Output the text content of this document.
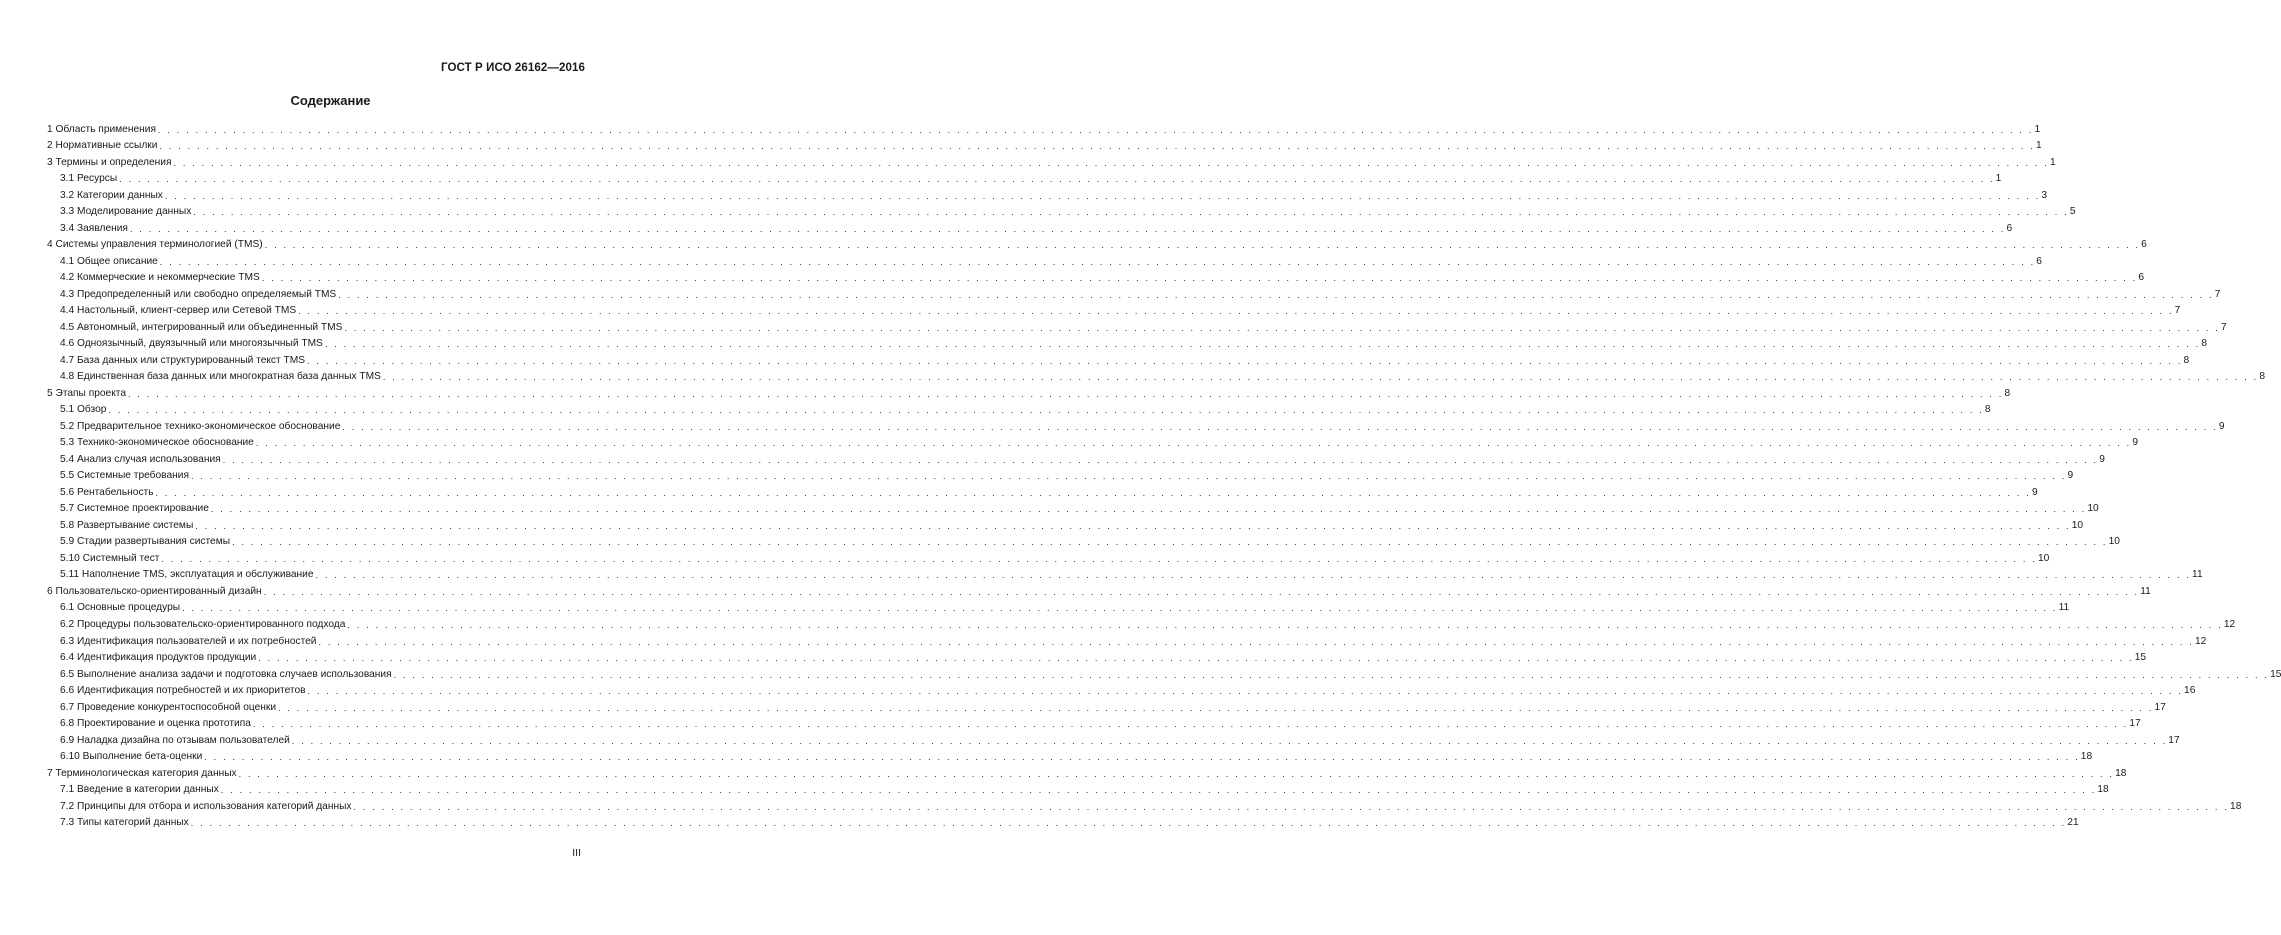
ГОСТ Р ИСО 26162—2016
Содержание
1 Область применения . . . . . . . . . . . . . . . . . . . . . . . . . . . . . . . . . . . . . . . . . . . . . . . . . . . . . . . . . . . . . . . . . . . . . . . . . . . . . . . . . . . . . . . . . . . . . . . . . . . . . . . . . . . . . . . . . . . . . . . . . . . . . . . . . . . . . . . . . . . . . . . . . . . . . . . . . . . . . . . . . . . . . . . . . . . . . . . . . . . . . . . . . . . . . . . . . . . . . . . . 1
2 Нормативные ссылки . . . . . . . . . . . . . . . . . . . . . . . . . . . . . . . . . . . . . . . . . . . . . . . . . . . . . . . . . . . . . . . . . . . . . . . . . . . . . . . . . . . . . . . . . . . . . . . . . . . . . . . . . . . . . . . . . . . . . . . . . . . . . . . . . . . . . . . . . . . . . . . . . . . . . . . . . . . . . . . . . . . . . . . . . . . . . . . . . . . . . . . . . . . . . . . . . . . . . . . . 1
3 Термины и определения . . . . . . . . . . . . . . . . . . . . . . . . . . . . . . . . . . . . . . . . . . . . . . . . . . . . . . . . . . . . . . . . . . . . . . . . . . . . . . . . . . . . . . . . . . . . . . . . . . . . . . . . . . . . . . . . . . . . . . . . . . . . . . . . . . . . . . . . . . . . . . . . . . . . . . . . . . . . . . . . . . . . . . . . . . . . . . . . . . . . . . . . . . . . . . . . . . . . . . . . 1
3.1 Ресурсы . . . . . . . . . . . . . . . . . . . . . . . . . . . . . . . . . . . . . . . . . . . . . . . . . . . . . . . . . . . . . . . . . . . . . . . . . . . . . . . . . . . . . . . . . . . . . . . . . . . . . . . . . . . . . . . . . . . . . . . . . . . . . . . . . . . . . . . . . . . . . . . . . . . . . . . . . . . . . . . . . . . . . . . . . . . . . . . . . . . . . . . . . . . . . . . . . . . . . . . . 1
3.2 Категории данных . . . . . . . . . . . . . . . . . . . . . . . . . . . . . . . . . . . . . . . . . . . . . . . . . . . . . . . . . . . . . . . . . . . . . . . . . . . . . . . . . . . . . . . . . . . . . . . . . . . . . . . . . . . . . . . . . . . . . . . . . . . . . . . . . . . . . . . . . . . . . . . . . . . . . . . . . . . . . . . . . . . . . . . . . . . . . . . . . . . . . . . . . . . . . . . . . . . . . . . . 3
3.3 Моделирование данных . . . . . . . . . . . . . . . . . . . . . . . . . . . . . . . . . . . . . . . . . . . . . . . . . . . . . . . . . . . . . . . . . . . . . . . . . . . . . . . . . . . . . . . . . . . . . . . . . . . . . . . . . . . . . . . . . . . . . . . . . . . . . . . . . . . . . . . . . . . . . . . . . . . . . . . . . . . . . . . . . . . . . . . . . . . . . . . . . . . . . . . . . . . . . . . . . . . . . . . . 5
3.4 Заявления . . . . . . . . . . . . . . . . . . . . . . . . . . . . . . . . . . . . . . . . . . . . . . . . . . . . . . . . . . . . . . . . . . . . . . . . . . . . . . . . . . . . . . . . . . . . . . . . . . . . . . . . . . . . . . . . . . . . . . . . . . . . . . . . . . . . . . . . . . . . . . . . . . . . . . . . . . . . . . . . . . . . . . . . . . . . . . . . . . . . . . . . . . . . . . . . . . . . . . . . 6
4 Системы управления терминологией (TMS) . . . . . . . . . . . . . . . . . . . . . . . . . . . . . . . . . . . . . . . . . . . . . . . . . . . . . . . . . . . . . . . . . . . . . . . . . . . . . . . . . . . . . . . . . . . . . . . . . . . . . . . . . . . . . . . . . . . . . . . . . . . . . . . . . . . . . . . . . . . . . . . . . . . . . . . . . . . . . . . . . . . . . . . . . . . . . . . . . . . . . . . . . . . . . . . . . . . . . . . . 6
4.1 Общее описание . . . . . . . . . . . . . . . . . . . . . . . . . . . . . . . . . . . . . . . . . . . . . . . . . . . . . . . . . . . . . . . . . . . . . . . . . . . . . . . . . . . . . . . . . . . . . . . . . . . . . . . . . . . . . . . . . . . . . . . . . . . . . . . . . . . . . . . . . . . . . . . . . . . . . . . . . . . . . . . . . . . . . . . . . . . . . . . . . . . . . . . . . . . . . . . . . . . . . . . . 6
4.2 Коммерческие и некоммерческие TMS . . . . . . . . . . . . . . . . . . . . . . . . . . . . . . . . . . . . . . . . . . . . . . . . . . . . . . . . . . . . . . . . . . . . . . . . . . . . . . . . . . . . . . . . . . . . . . . . . . . . . . . . . . . . . . . . . . . . . . . . . . . . . . . . . . . . . . . . . . . . . . . . . . . . . . . . . . . . . . . . . . . . . . . . . . . . . . . . . . . . . . . . . . . . . . . . . . . . . . . . 6
4.3 Предопределенный или свободно определяемый TMS . . . . . . . . . . . . . . . . . . . . . . . . . . . . . . . . . . . . . . . . . . . . . . . . . . . . . . . . . . . . . . . . . . . . . . . . . . . . . . . . . . . . . . . . . . . . . . . . . . . . . . . . . . . . . . . . . . . . . . . . . . . . . . . . . . . . . . . . . . . . . . . . . . . . . . . . . . . . . . . . . . . . . . . . . . . . . . . . . . . . . . . . . . . . . . . . . . . . . . . . 7
4.4 Настольный, клиент-сервер или Сетевой TMS . . . . . . . . . . . . . . . . . . . . . . . . . . . . . . . . . . . . . . . . . . . . . . . . . . . . . . . . . . . . . . . . . . . . . . . . . . . . . . . . . . . . . . . . . . . . . . . . . . . . . . . . . . . . . . . . . . . . . . . . . . . . . . . . . . . . . . . . . . . . . . . . . . . . . . . . . . . . . . . . . . . . . . . . . . . . . . . . . . . . . . . . . . . . . . . . . . . . . . . . 7
4.5 Автономный, интегрированный или объединенный TMS . . . . . . . . . . . . . . . . . . . . . . . . . . . . . . . . . . . . . . . . . . . . . . . . . . . . . . . . . . . . . . . . . . . . . . . . . . . . . . . . . . . . . . . . . . . . . . . . . . . . . . . . . . . . . . . . . . . . . . . . . . . . . . . . . . . . . . . . . . . . . . . . . . . . . . . . . . . . . . . . . . . . . . . . . . . . . . . . . . . . . . . . . . . . . . . . . . . . . . . . 7
4.6 Одноязычный, двуязычный или многоязычный TMS . . . . . . . . . . . . . . . . . . . . . . . . . . . . . . . . . . . . . . . . . . . . . . . . . . . . . . . . . . . . . . . . . . . . . . . . . . . . . . . . . . . . . . . . . . . . . . . . . . . . . . . . . . . . . . . . . . . . . . . . . . . . . . . . . . . . . . . . . . . . . . . . . . . . . . . . . . . . . . . . . . . . . . . . . . . . . . . . . . . . . . . . . . . . . . . . . . . . . . . . 8
4.7 База данных или структурированный текст TMS . . . . . . . . . . . . . . . . . . . . . . . . . . . . . . . . . . . . . . . . . . . . . . . . . . . . . . . . . . . . . . . . . . . . . . . . . . . . . . . . . . . . . . . . . . . . . . . . . . . . . . . . . . . . . . . . . . . . . . . . . . . . . . . . . . . . . . . . . . . . . . . . . . . . . . . . . . . . . . . . . . . . . . . . . . . . . . . . . . . . . . . . . . . . . . . . . . . . . . . . 8
4.8 Единственная база данных или многократная база данных TMS . . . . . . . . . . . . . . . . . . . . . . . . . . . . . . . . . . . . . . . . . . . . . . . . . . . . . . . . . . . . . . . . . . . . . . . . . . . . . . . . . . . . . . . . . . . . . . . . . . . . . . . . . . . . . . . . . . . . . . . . . . . . . . . . . . . . . . . . . . . . . . . . . . . . . . . . . . . . . . . . . . . . . . . . . . . . . . . . . . . . . . . . . . . . . . . . . . . . . . . . 8
5 Этапы проекта . . . . . . . . . . . . . . . . . . . . . . . . . . . . . . . . . . . . . . . . . . . . . . . . . . . . . . . . . . . . . . . . . . . . . . . . . . . . . . . . . . . . . . . . . . . . . . . . . . . . . . . . . . . . . . . . . . . . . . . . . . . . . . . . . . . . . . . . . . . . . . . . . . . . . . . . . . . . . . . . . . . . . . . . . . . . . . . . . . . . . . . . . . . . . . . . . . . . . . . . 8
5.1 Обзор . . . . . . . . . . . . . . . . . . . . . . . . . . . . . . . . . . . . . . . . . . . . . . . . . . . . . . . . . . . . . . . . . . . . . . . . . . . . . . . . . . . . . . . . . . . . . . . . . . . . . . . . . . . . . . . . . . . . . . . . . . . . . . . . . . . . . . . . . . . . . . . . . . . . . . . . . . . . . . . . . . . . . . . . . . . . . . . . . . . . . . . . . . . . . . . . . . . . . . . . 8
5.2 Предварительное технико-экономическое обоснование . . . . . . . . . . . . . . . . . . . . . . . . . . . . . . . . . . . . . . . . . . . . . . . . . . . . . . . . . . . . . . . . . . . . . . . . . . . . . . . . . . . . . . . . . . . . . . . . . . . . . . . . . . . . . . . . . . . . . . . . . . . . . . . . . . . . . . . . . . . . . . . . . . . . . . . . . . . . . . . . . . . . . . . . . . . . . . . . . . . . . . . . . . . . . . . . . . . . . . . . 9
5.3 Технико-экономическое обоснование . . . . . . . . . . . . . . . . . . . . . . . . . . . . . . . . . . . . . . . . . . . . . . . . . . . . . . . . . . . . . . . . . . . . . . . . . . . . . . . . . . . . . . . . . . . . . . . . . . . . . . . . . . . . . . . . . . . . . . . . . . . . . . . . . . . . . . . . . . . . . . . . . . . . . . . . . . . . . . . . . . . . . . . . . . . . . . . . . . . . . . . . . . . . . . . . . . . . . . . . 9
5.4 Анализ случая использования . . . . . . . . . . . . . . . . . . . . . . . . . . . . . . . . . . . . . . . . . . . . . . . . . . . . . . . . . . . . . . . . . . . . . . . . . . . . . . . . . . . . . . . . . . . . . . . . . . . . . . . . . . . . . . . . . . . . . . . . . . . . . . . . . . . . . . . . . . . . . . . . . . . . . . . . . . . . . . . . . . . . . . . . . . . . . . . . . . . . . . . . . . . . . . . . . . . . . . . . 9
5.5 Системные требования . . . . . . . . . . . . . . . . . . . . . . . . . . . . . . . . . . . . . . . . . . . . . . . . . . . . . . . . . . . . . . . . . . . . . . . . . . . . . . . . . . . . . . . . . . . . . . . . . . . . . . . . . . . . . . . . . . . . . . . . . . . . . . . . . . . . . . . . . . . . . . . . . . . . . . . . . . . . . . . . . . . . . . . . . . . . . . . . . . . . . . . . . . . . . . . . . . . . . . . . 9
5.6 Рентабельность . . . . . . . . . . . . . . . . . . . . . . . . . . . . . . . . . . . . . . . . . . . . . . . . . . . . . . . . . . . . . . . . . . . . . . . . . . . . . . . . . . . . . . . . . . . . . . . . . . . . . . . . . . . . . . . . . . . . . . . . . . . . . . . . . . . . . . . . . . . . . . . . . . . . . . . . . . . . . . . . . . . . . . . . . . . . . . . . . . . . . . . . . . . . . . . . . . . . . . . . 9
5.7 Системное проектирование . . . . . . . . . . . . . . . . . . . . . . . . . . . . . . . . . . . . . . . . . . . . . . . . . . . . . . . . . . . . . . . . . . . . . . . . . . . . . . . . . . . . . . . . . . . . . . . . . . . . . . . . . . . . . . . . . . . . . . . . . . . . . . . . . . . . . . . . . . . . . . . . . . . . . . . . . . . . . . . . . . . . . . . . . . . . . . . . . . . . . . . . . . . . . . . . . . . . . . . . 10
5.8 Развертывание системы . . . . . . . . . . . . . . . . . . . . . . . . . . . . . . . . . . . . . . . . . . . . . . . . . . . . . . . . . . . . . . . . . . . . . . . . . . . . . . . . . . . . . . . . . . . . . . . . . . . . . . . . . . . . . . . . . . . . . . . . . . . . . . . . . . . . . . . . . . . . . . . . . . . . . . . . . . . . . . . . . . . . . . . . . . . . . . . . . . . . . . . . . . . . . . . . . . . . . . . . 10
5.9 Стадии развертывания системы . . . . . . . . . . . . . . . . . . . . . . . . . . . . . . . . . . . . . . . . . . . . . . . . . . . . . . . . . . . . . . . . . . . . . . . . . . . . . . . . . . . . . . . . . . . . . . . . . . . . . . . . . . . . . . . . . . . . . . . . . . . . . . . . . . . . . . . . . . . . . . . . . . . . . . . . . . . . . . . . . . . . . . . . . . . . . . . . . . . . . . . . . . . . . . . . . . . . . . . . 10
5.10 Системный тест . . . . . . . . . . . . . . . . . . . . . . . . . . . . . . . . . . . . . . . . . . . . . . . . . . . . . . . . . . . . . . . . . . . . . . . . . . . . . . . . . . . . . . . . . . . . . . . . . . . . . . . . . . . . . . . . . . . . . . . . . . . . . . . . . . . . . . . . . . . . . . . . . . . . . . . . . . . . . . . . . . . . . . . . . . . . . . . . . . . . . . . . . . . . . . . . . . . . . . . . 10
5.11 Наполнение TMS, эксплуатация и обслуживание . . . . . . . . . . . . . . . . . . . . . . . . . . . . . . . . . . . . . . . . . . . . . . . . . . . . . . . . . . . . . . . . . . . . . . . . . . . . . . . . . . . . . . . . . . . . . . . . . . . . . . . . . . . . . . . . . . . . . . . . . . . . . . . . . . . . . . . . . . . . . . . . . . . . . . . . . . . . . . . . . . . . . . . . . . . . . . . . . . . . . . . . . . . . . . . . . . . . . . . . 11
6 Пользовательско-ориентированный дизайн . . . . . . . . . . . . . . . . . . . . . . . . . . . . . . . . . . . . . . . . . . . . . . . . . . . . . . . . . . . . . . . . . . . . . . . . . . . . . . . . . . . . . . . . . . . . . . . . . . . . . . . . . . . . . . . . . . . . . . . . . . . . . . . . . . . . . . . . . . . . . . . . . . . . . . . . . . . . . . . . . . . . . . . . . . . . . . . . . . . . . . . . . . . . . . . . . . . . . . . . 11
6.1 Основные процедуры . . . . . . . . . . . . . . . . . . . . . . . . . . . . . . . . . . . . . . . . . . . . . . . . . . . . . . . . . . . . . . . . . . . . . . . . . . . . . . . . . . . . . . . . . . . . . . . . . . . . . . . . . . . . . . . . . . . . . . . . . . . . . . . . . . . . . . . . . . . . . . . . . . . . . . . . . . . . . . . . . . . . . . . . . . . . . . . . . . . . . . . . . . . . . . . . . . . . . . . . 11
6.2 Процедуры пользовательско-ориентированного подхода . . . . . . . . . . . . . . . . . . . . . . . . . . . . . . . . . . . . . . . . . . . . . . . . . . . . . . . . . . . . . . . . . . . . . . . . . . . . . . . . . . . . . . . . . . . . . . . . . . . . . . . . . . . . . . . . . . . . . . . . . . . . . . . . . . . . . . . . . . . . . . . . . . . . . . . . . . . . . . . . . . . . . . . . . . . . . . . . . . . . . . . . . . . . . . . . . . . . . . . . 12
6.3 Идентификация пользователей и их потребностей . . . . . . . . . . . . . . . . . . . . . . . . . . . . . . . . . . . . . . . . . . . . . . . . . . . . . . . . . . . . . . . . . . . . . . . . . . . . . . . . . . . . . . . . . . . . . . . . . . . . . . . . . . . . . . . . . . . . . . . . . . . . . . . . . . . . . . . . . . . . . . . . . . . . . . . . . . . . . . . . . . . . . . . . . . . . . . . . . . . . . . . . . . . . . . . . . . . . . . . . 12
6.4 Идентификация продуктов продукции . . . . . . . . . . . . . . . . . . . . . . . . . . . . . . . . . . . . . . . . . . . . . . . . . . . . . . . . . . . . . . . . . . . . . . . . . . . . . . . . . . . . . . . . . . . . . . . . . . . . . . . . . . . . . . . . . . . . . . . . . . . . . . . . . . . . . . . . . . . . . . . . . . . . . . . . . . . . . . . . . . . . . . . . . . . . . . . . . . . . . . . . . . . . . . . . . . . . . . . . 15
6.5 Выполнение анализа задачи и подготовка случаев использования . . . . . . . . . . . . . . . . . . . . . . . . . . . . . . . . . . . . . . . . . . . . . . . . . . . . . . . . . . . . . . . . . . . . . . . . . . . . . . . . . . . . . . . . . . . . . . . . . . . . . . . . . . . . . . . . . . . . . . . . . . . . . . . . . . . . . . . . . . . . . . . . . . . . . . . . . . . . . . . . . . . . . . . . . . . . . . . . . . . . . . . . . . . . . . . . . . . . . . . . 15
6.6 Идентификация потребностей и их приоритетов . . . . . . . . . . . . . . . . . . . . . . . . . . . . . . . . . . . . . . . . . . . . . . . . . . . . . . . . . . . . . . . . . . . . . . . . . . . . . . . . . . . . . . . . . . . . . . . . . . . . . . . . . . . . . . . . . . . . . . . . . . . . . . . . . . . . . . . . . . . . . . . . . . . . . . . . . . . . . . . . . . . . . . . . . . . . . . . . . . . . . . . . . . . . . . . . . . . . . . . . 16
6.7 Проведение конкурентоспособной оценки . . . . . . . . . . . . . . . . . . . . . . . . . . . . . . . . . . . . . . . . . . . . . . . . . . . . . . . . . . . . . . . . . . . . . . . . . . . . . . . . . . . . . . . . . . . . . . . . . . . . . . . . . . . . . . . . . . . . . . . . . . . . . . . . . . . . . . . . . . . . . . . . . . . . . . . . . . . . . . . . . . . . . . . . . . . . . . . . . . . . . . . . . . . . . . . . . . . . . . . . 17
6.8 Проектирование и оценка прототипа . . . . . . . . . . . . . . . . . . . . . . . . . . . . . . . . . . . . . . . . . . . . . . . . . . . . . . . . . . . . . . . . . . . . . . . . . . . . . . . . . . . . . . . . . . . . . . . . . . . . . . . . . . . . . . . . . . . . . . . . . . . . . . . . . . . . . . . . . . . . . . . . . . . . . . . . . . . . . . . . . . . . . . . . . . . . . . . . . . . . . . . . . . . . . . . . . . . . . . . . 17
6.9 Наладка дизайна по отзывам пользователей . . . . . . . . . . . . . . . . . . . . . . . . . . . . . . . . . . . . . . . . . . . . . . . . . . . . . . . . . . . . . . . . . . . . . . . . . . . . . . . . . . . . . . . . . . . . . . . . . . . . . . . . . . . . . . . . . . . . . . . . . . . . . . . . . . . . . . . . . . . . . . . . . . . . . . . . . . . . . . . . . . . . . . . . . . . . . . . . . . . . . . . . . . . . . . . . . . . . . . . . 17
6.10 Выполнение бета-оценки . . . . . . . . . . . . . . . . . . . . . . . . . . . . . . . . . . . . . . . . . . . . . . . . . . . . . . . . . . . . . . . . . . . . . . . . . . . . . . . . . . . . . . . . . . . . . . . . . . . . . . . . . . . . . . . . . . . . . . . . . . . . . . . . . . . . . . . . . . . . . . . . . . . . . . . . . . . . . . . . . . . . . . . . . . . . . . . . . . . . . . . . . . . . . . . . . . . . . . . . 18
7 Терминологическая категория данных . . . . . . . . . . . . . . . . . . . . . . . . . . . . . . . . . . . . . . . . . . . . . . . . . . . . . . . . . . . . . . . . . . . . . . . . . . . . . . . . . . . . . . . . . . . . . . . . . . . . . . . . . . . . . . . . . . . . . . . . . . . . . . . . . . . . . . . . . . . . . . . . . . . . . . . . . . . . . . . . . . . . . . . . . . . . . . . . . . . . . . . . . . . . . . . . . . . . . . . . 18
7.1 Введение в категории данных . . . . . . . . . . . . . . . . . . . . . . . . . . . . . . . . . . . . . . . . . . . . . . . . . . . . . . . . . . . . . . . . . . . . . . . . . . . . . . . . . . . . . . . . . . . . . . . . . . . . . . . . . . . . . . . . . . . . . . . . . . . . . . . . . . . . . . . . . . . . . . . . . . . . . . . . . . . . . . . . . . . . . . . . . . . . . . . . . . . . . . . . . . . . . . . . . . . . . . . . 18
7.2 Принципы для отбора и использования категорий данных . . . . . . . . . . . . . . . . . . . . . . . . . . . . . . . . . . . . . . . . . . . . . . . . . . . . . . . . . . . . . . . . . . . . . . . . . . . . . . . . . . . . . . . . . . . . . . . . . . . . . . . . . . . . . . . . . . . . . . . . . . . . . . . . . . . . . . . . . . . . . . . . . . . . . . . . . . . . . . . . . . . . . . . . . . . . . . . . . . . . . . . . . . . . . . . . . . . . . . . . 18
7.3 Типы категорий данных . . . . . . . . . . . . . . . . . . . . . . . . . . . . . . . . . . . . . . . . . . . . . . . . . . . . . . . . . . . . . . . . . . . . . . . . . . . . . . . . . . . . . . . . . . . . . . . . . . . . . . . . . . . . . . . . . . . . . . . . . . . . . . . . . . . . . . . . . . . . . . . . . . . . . . . . . . . . . . . . . . . . . . . . . . . . . . . . . . . . . . . . . . . . . . . . . . . . . . . . 21
III
